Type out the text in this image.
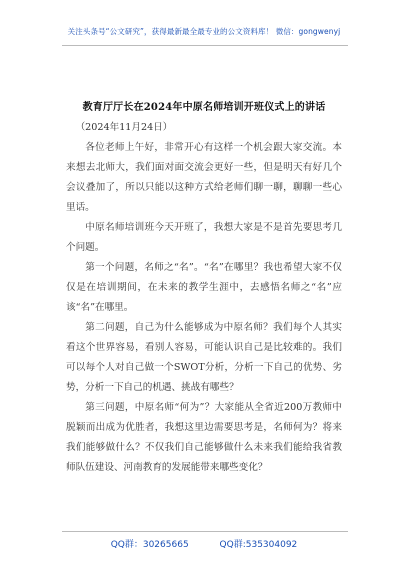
关注头条号“公文研究”，获得最新最全最专业的公文资料库！ 微信：gongwenyj
教育厅厅长在2024年中原名师培训开班仪式上的讲话

（2024年11月24日）

各位老师上午好，非常开心有这样一个机会跟大家交流。本来想去北师大，我们面对面交流会更好一些，但是明天有好几个会议叠加了，所以只能以这种方式给老师们聊一聊，聊聊一些心里话。

中原名师培训班今天开班了，我想大家是不是首先要思考几个问题。

第一个问题，名师之“名”。“名”在哪里？我也希望大家不仅仅是在培训期间，在未来的教学生涯中，去感悟名师之“名”应该“名”在哪里。

第二问题，自己为什么能够成为中原名师？我们每个人其实看这个世界容易，看别人容易，可能认识自己是比较难的。我们可以每个人对自己做一个SWOT分析，分析一下自己的优势、劣势，分析一下自己的机遇、挑战有哪些？

第三问题，中原名师“何为”？大家能从全省近200万教师中脱颖而出成为优胜者，我想这里边需要思考是，名师何为？将来我们能够做什么？不仅我们自己能够做什么未来我们能给我省教师队伍建设、河南教育的发展能带来哪些变化？

QQ群：30265665	QQ群:535304092
